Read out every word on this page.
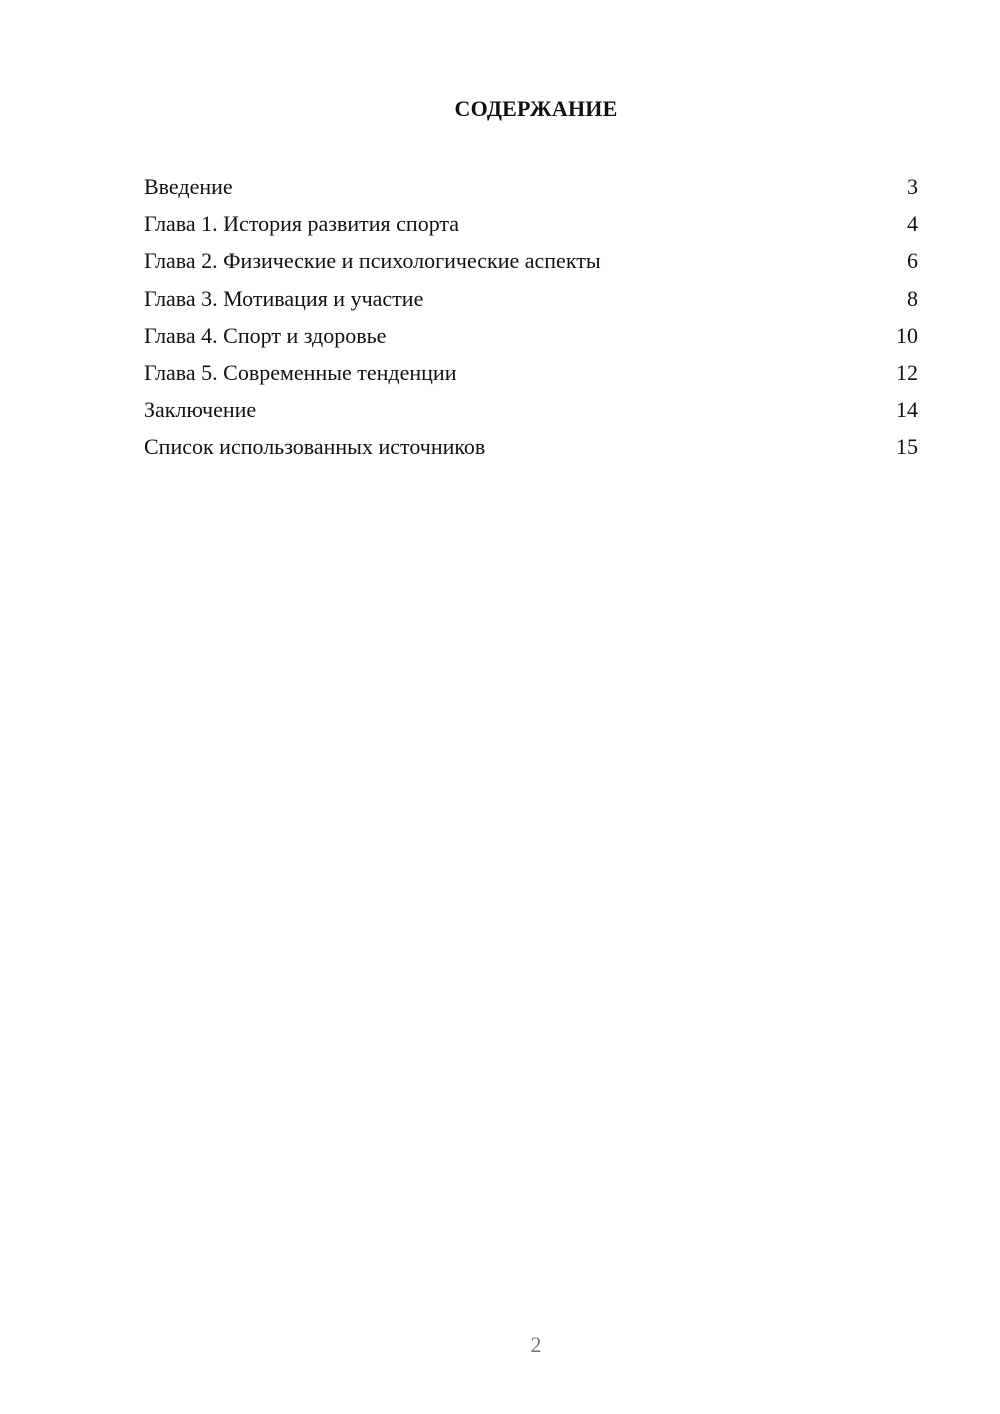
СОДЕРЖАНИЕ
Введение	3
Глава 1. История развития спорта	4
Глава 2. Физические и психологические аспекты	6
Глава 3. Мотивация и участие	8
Глава 4. Спорт и здоровье	10
Глава 5. Современные тенденции	12
Заключение	14
Список использованных источников	15
2
